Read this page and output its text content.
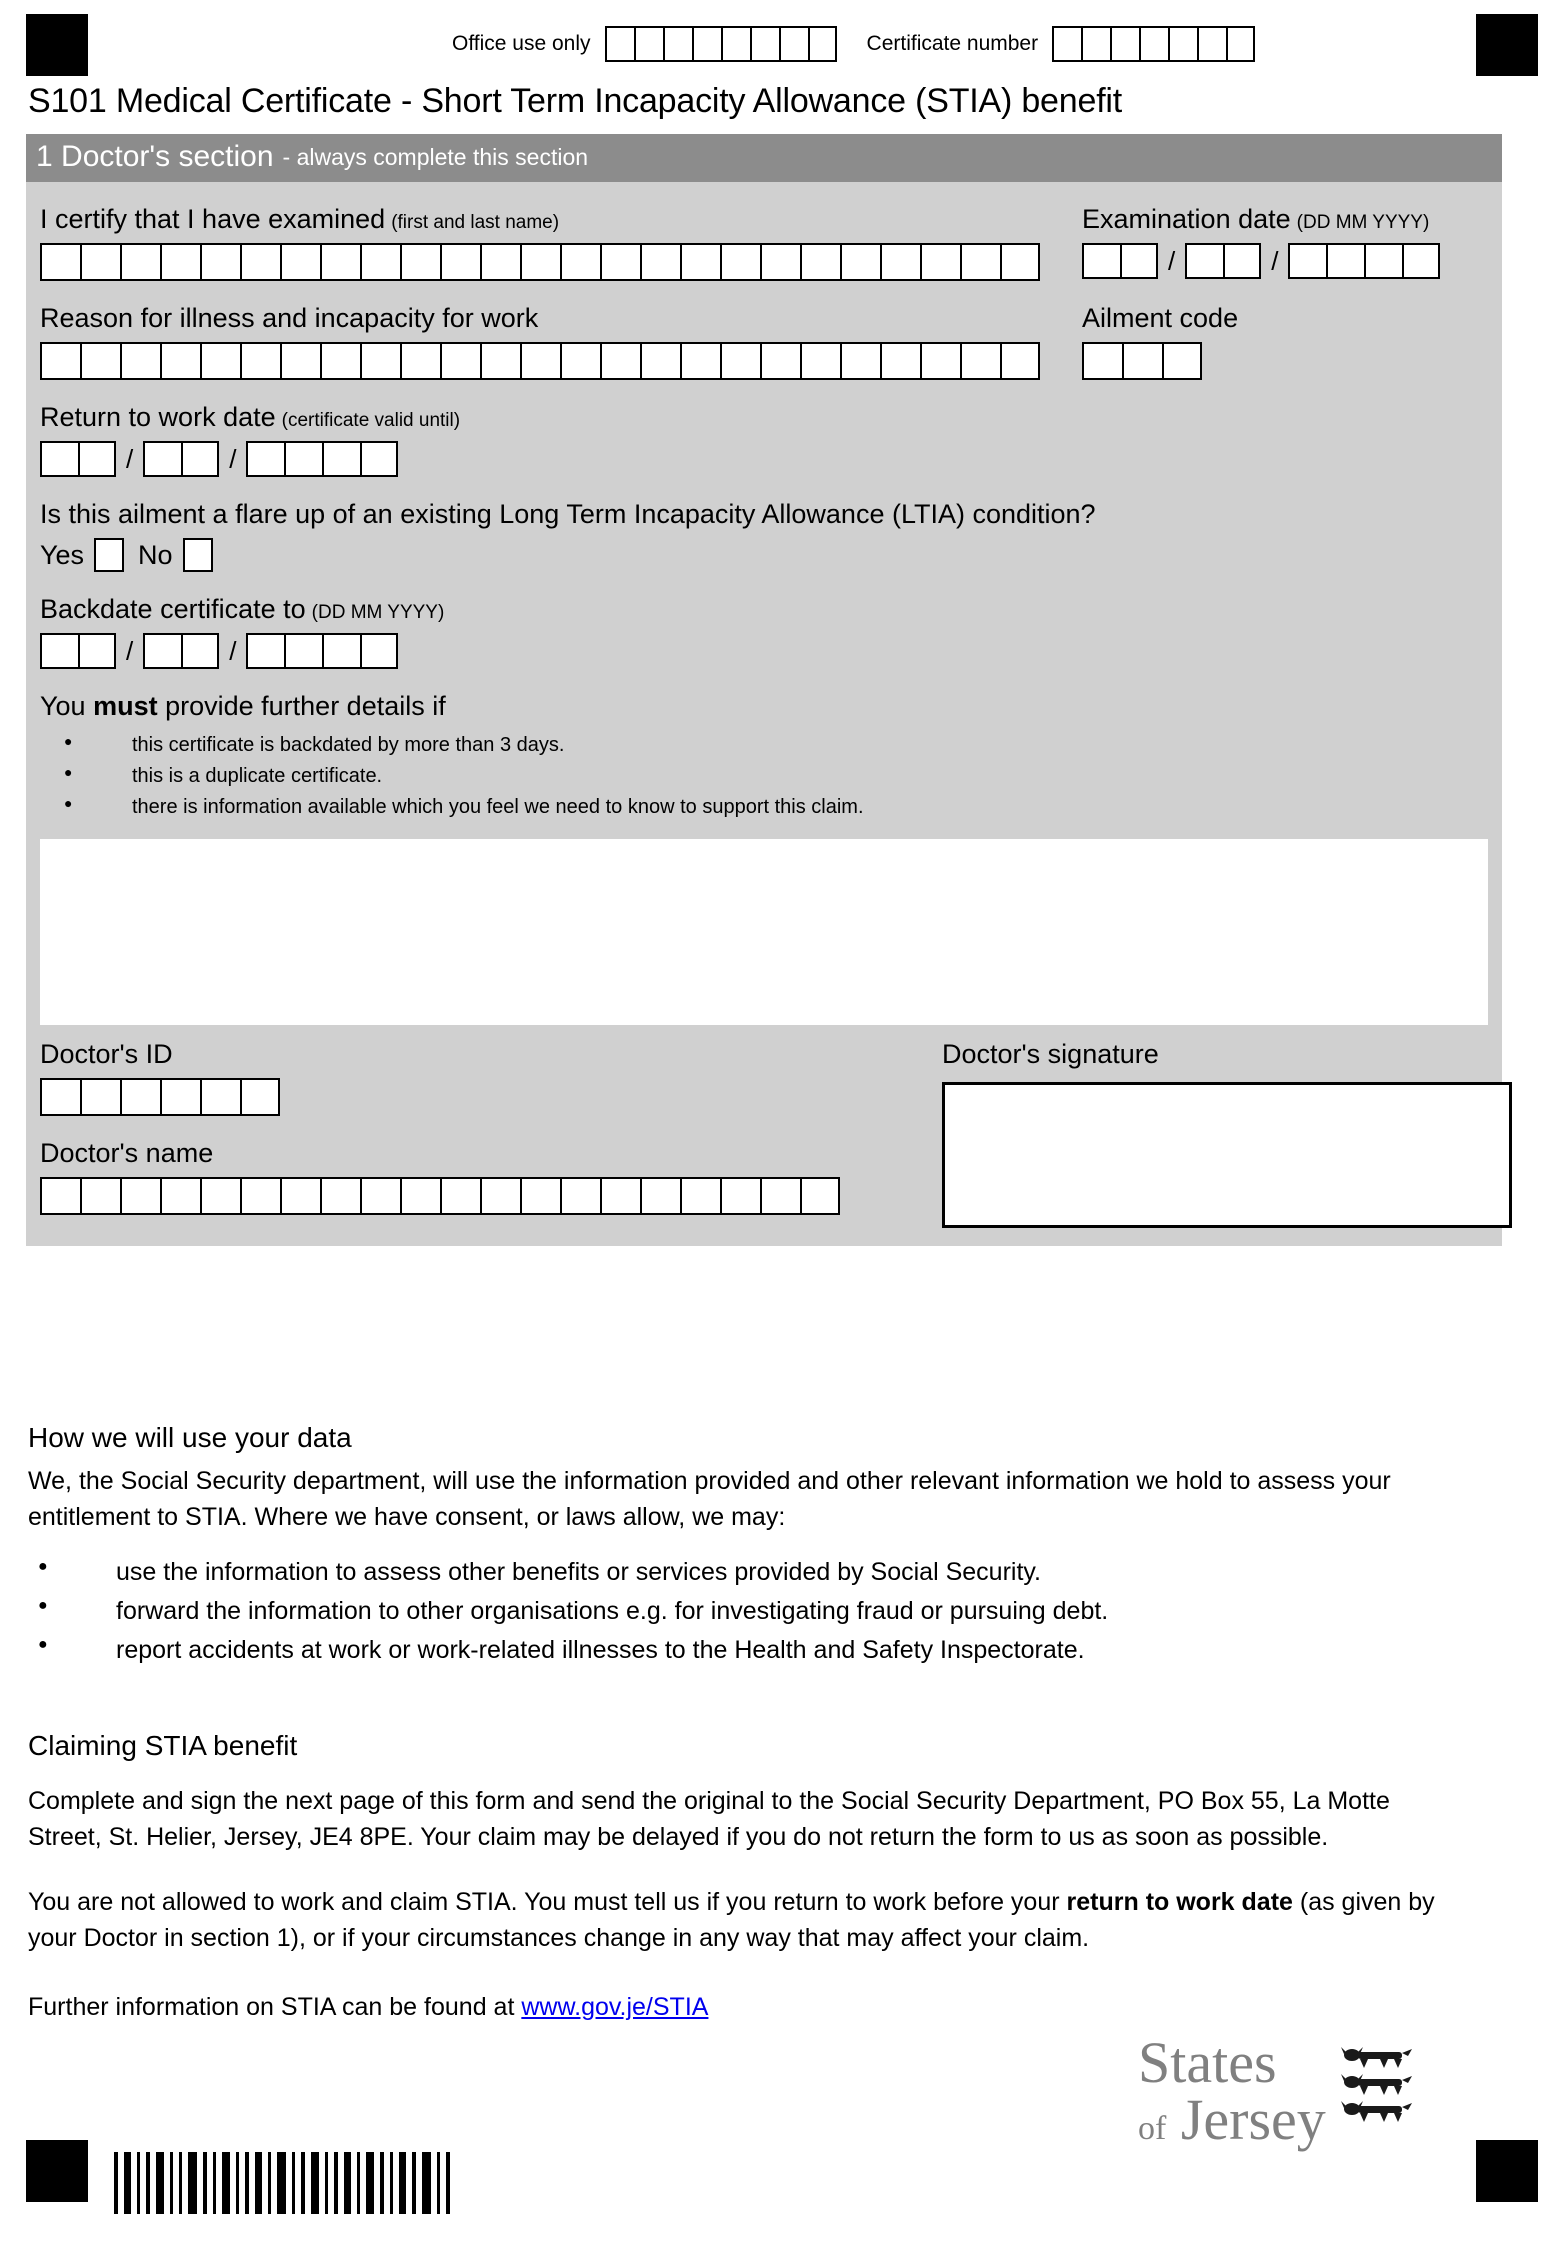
Office use only	Certificate number
S101 Medical Certificate - Short Term Incapacity Allowance (STIA) benefit
1
Doctor's section - always complete this section
I certify that I have examined (first and last name)	Examination date (DD MM YYYY)
/	/
Reason for illness and incapacity for work	Ailment code
Return to work date (certificate valid until)
/	/
Is this ailment a flare up of an existing Long Term Incapacity Allowance (LTIA) condition?
Yes No
Backdate certificate to (DD MM YYYY)
/	/
You must provide further details if
● this certificate is backdated by more than 3 days.
● this is a duplicate certificate.
● there is information available which you feel we need to know to support this claim.
Doctor's ID
Doctor's name
Doctor's signature
How we will use your data

We, the Social Security department, will use the information provided and other relevant information we hold to assess your entitlement to STIA. Where we have consent, or laws allow, we may:

● use the information to assess other benefits or services provided by Social Security.
● forward the information to other organisations e.g. for investigating fraud or pursuing debt.
● report accidents at work or work-related illnesses to the Health and Safety Inspectorate.
Claiming STIA benefit

Complete and sign the next page of this form and send the original to the Social Security Department, PO Box 55, La Motte Street, St. Helier, Jersey, JE4 8PE. Your claim may be delayed if you do not return the form to us as soon as possible.

You are not allowed to work and claim STIA. You must tell us if you return to work before your return to work date (as given by your Doctor in section 1), or if your circumstances change in any way that may affect your claim.

Further information on STIA can be found at www.gov.je/STIA

States
of Jersey
